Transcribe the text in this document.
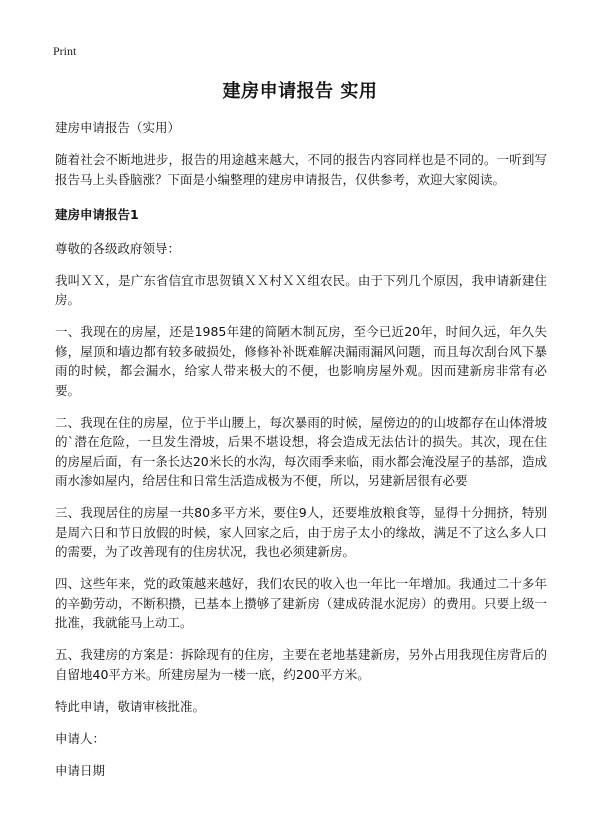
Print
建房申请报告 实用

建房申请报告（实用）

随着社会不断地进步，报告的用途越来越大，不同的报告内容同样也是不同的。一听到写报告马上头昏脑涨？下面是小编整理的建房申请报告，仅供参考，欢迎大家阅读。

建房申请报告1

尊敬的各级政府领导：

我叫ＸＸ，是广东省信宜市思贺镇ＸＸ村ＸＸ组农民。由于下列几个原因，我申请新建住房。

一、我现在的房屋，还是1985年建的简陋木制瓦房，至今已近20年，时间久远，年久失修，屋顶和墙边都有较多破损处，修修补补既难解决漏雨漏风问题，而且每次刮台风下暴雨的时候，都会漏水，给家人带来极大的不便，也影响房屋外观。因而建新房非常有必要。

二、我现在住的房屋，位于半山腰上，每次暴雨的时候，屋傍边的的山坡都存在山体滑坡的`潜在危险，一旦发生滑坡，后果不堪设想，将会造成无法估计的损失。其次，现在住的房屋后面，有一条长达20米长的水沟，每次雨季来临，雨水都会淹没屋子的基部，造成雨水渗如屋内，给居住和日常生活造成极为不便，所以，另建新居很有必要

三、我现居住的房屋一共80多平方米，要住9人，还要堆放粮食等，显得十分拥挤，特别是周六日和节日放假的时候，家人回家之后，由于房子太小的缘故，满足不了这么多人口的需要，为了改善现有的住房状况，我也必须建新房。

四、这些年来，党的政策越来越好，我们农民的收入也一年比一年增加。我通过二十多年的辛勤劳动，不断积攒，已基本上攒够了建新房（建成砖混水泥房）的费用。只要上级一批准，我就能马上动工。

五、我建房的方案是：拆除现有的住房，主要在老地基建新房，另外占用我现住房背后的自留地40平方米。所建房屋为一楼一底，约200平方米。

特此申请，敬请审核批准。

申请人：

申请日期
